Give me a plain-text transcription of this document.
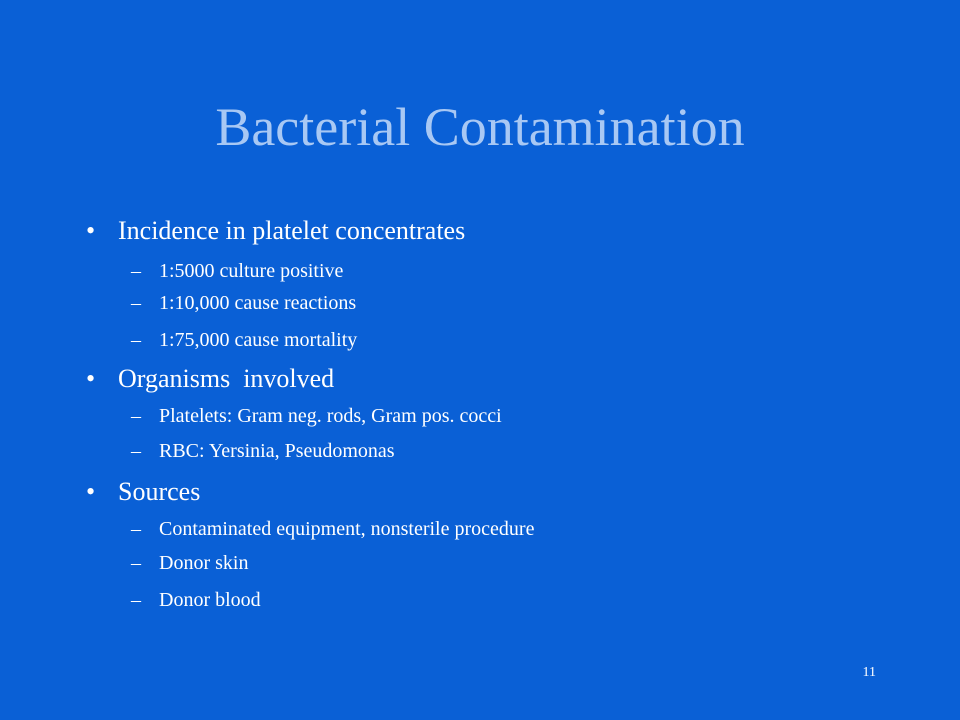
Bacterial Contamination
• Incidence in platelet concentrates
– 1:5000 culture positive
– 1:10,000 cause reactions
– 1:75,000 cause mortality
• Organisms  involved
– Platelets: Gram neg. rods, Gram pos. cocci
– RBC: Yersinia, Pseudomonas
• Sources
– Contaminated equipment, nonsterile procedure
– Donor skin
– Donor blood
11
